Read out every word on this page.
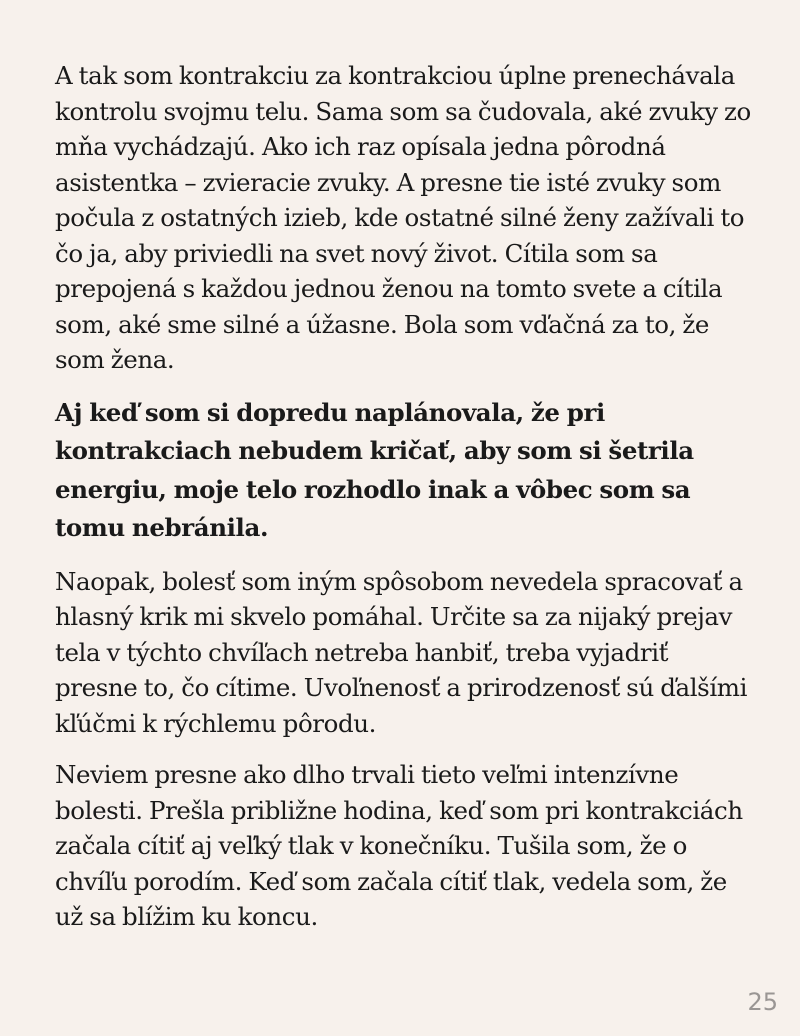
A tak som kontrakciu za kontrakciou úplne prenechávala kontrolu svojmu telu. Sama som sa čudovala, aké zvuky zo mňa vychádzajú. Ako ich raz opísala jedna pôrodná asistentka – zvieracie zvuky. A presne tie isté zvuky som počula z ostatných izieb, kde ostatné silné ženy zažívali to čo ja, aby priviedli na svet nový život. Cítila som sa prepojená s každou jednou ženou na tomto svete a cítila som, aké sme silné a úžasne. Bola som vďačná za to, že som žena.

Aj keď som si dopredu naplánovala, že pri kontrakciach nebudem kričať, aby som si šetrila energiu, moje telo rozhodlo inak a vôbec som sa tomu nebránila.

Naopak, bolesť som iným spôsobom nevedela spracovať a hlasný krik mi skvelo pomáhal. Určite sa za nijaký prejav tela v týchto chvíľach netreba hanbiť, treba vyjadriť presne to, čo cítime. Uvoľnenosť a prirodzenosť sú ďalšími kľúčmi k rýchlemu pôrodu.

Neviem presne ako dlho trvali tieto veľmi intenzívne bolesti. Prešla približne hodina, keď som pri kontrakciách začala cítiť aj veľký tlak v konečníku. Tušila som, že o chvíľu porodím. Keď som začala cítiť tlak, vedela som, že už sa blížim ku koncu.

25
